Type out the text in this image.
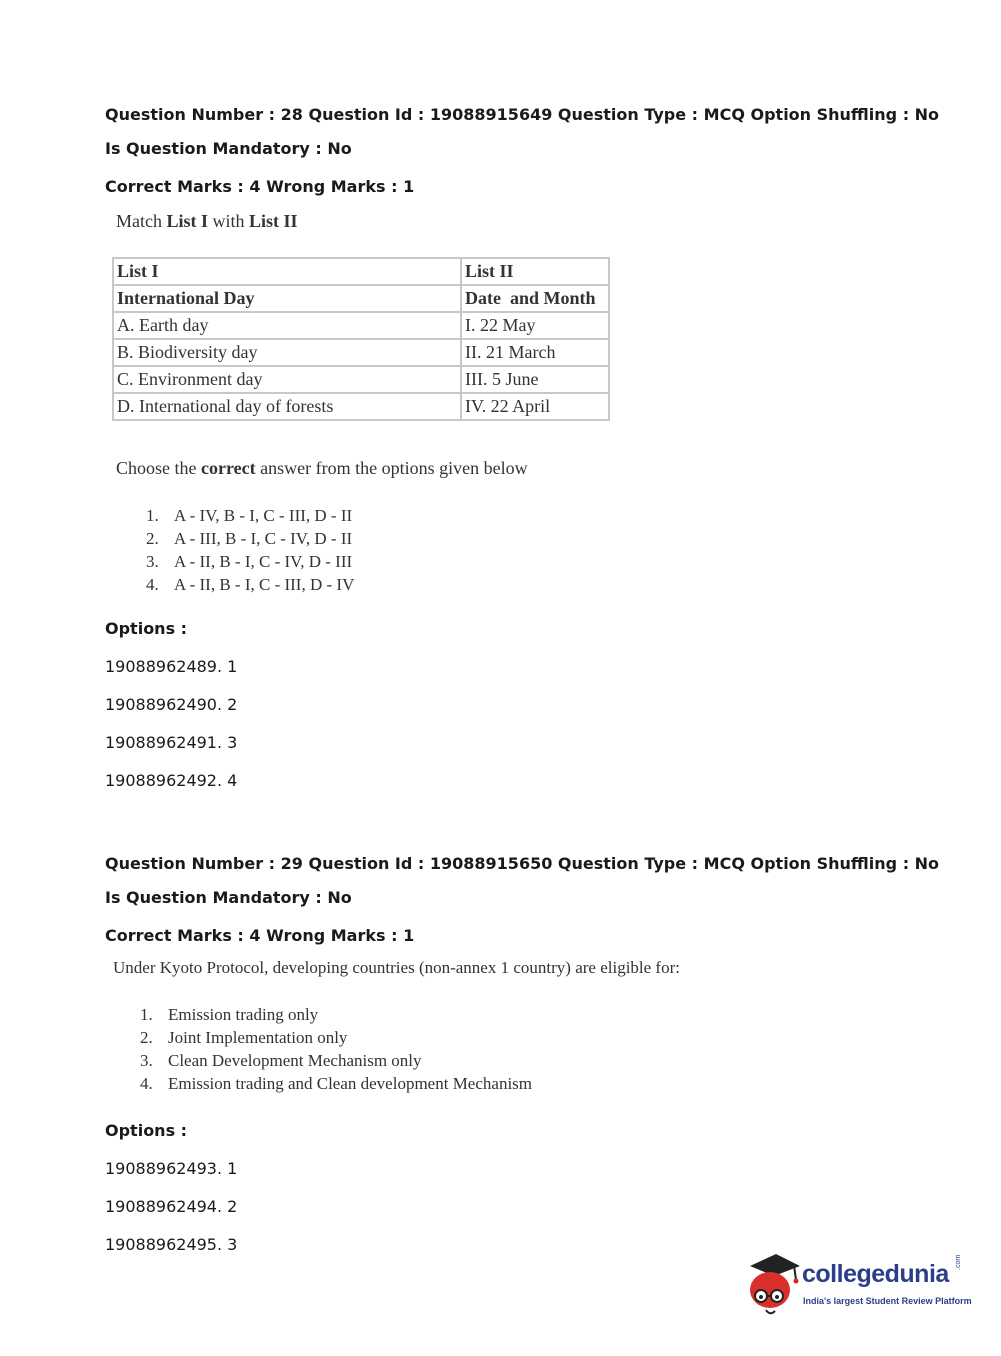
Question Number : 28 Question Id : 19088915649 Question Type : MCQ Option Shuffling : No
Is Question Mandatory : No
Correct Marks : 4 Wrong Marks : 1
Match List I with List II
List I	List II
International Day	Date  and Month
A. Earth day	I. 22 May
B. Biodiversity day	II. 21 March
C. Environment day	III. 5 June
D. International day of forests	IV. 22 April
Choose the correct answer from the options given below
1. A - IV, B - I, C - III, D - II
2. A - III, B - I, C - IV, D - II
3. A - II, B - I, C - IV, D - III
4. A - II, B - I, C - III, D - IV
Options :
19088962489. 1
19088962490. 2
19088962491. 3
19088962492. 4
Question Number : 29 Question Id : 19088915650 Question Type : MCQ Option Shuffling : No
Is Question Mandatory : No
Correct Marks : 4 Wrong Marks : 1
Under Kyoto Protocol, developing countries (non-annex 1 country) are eligible for:
1. Emission trading only
2. Joint Implementation only
3. Clean Development Mechanism only
4. Emission trading and Clean development Mechanism
Options :
19088962493. 1
19088962494. 2
19088962495. 3
collegedunia .com
India's largest Student Review Platform
